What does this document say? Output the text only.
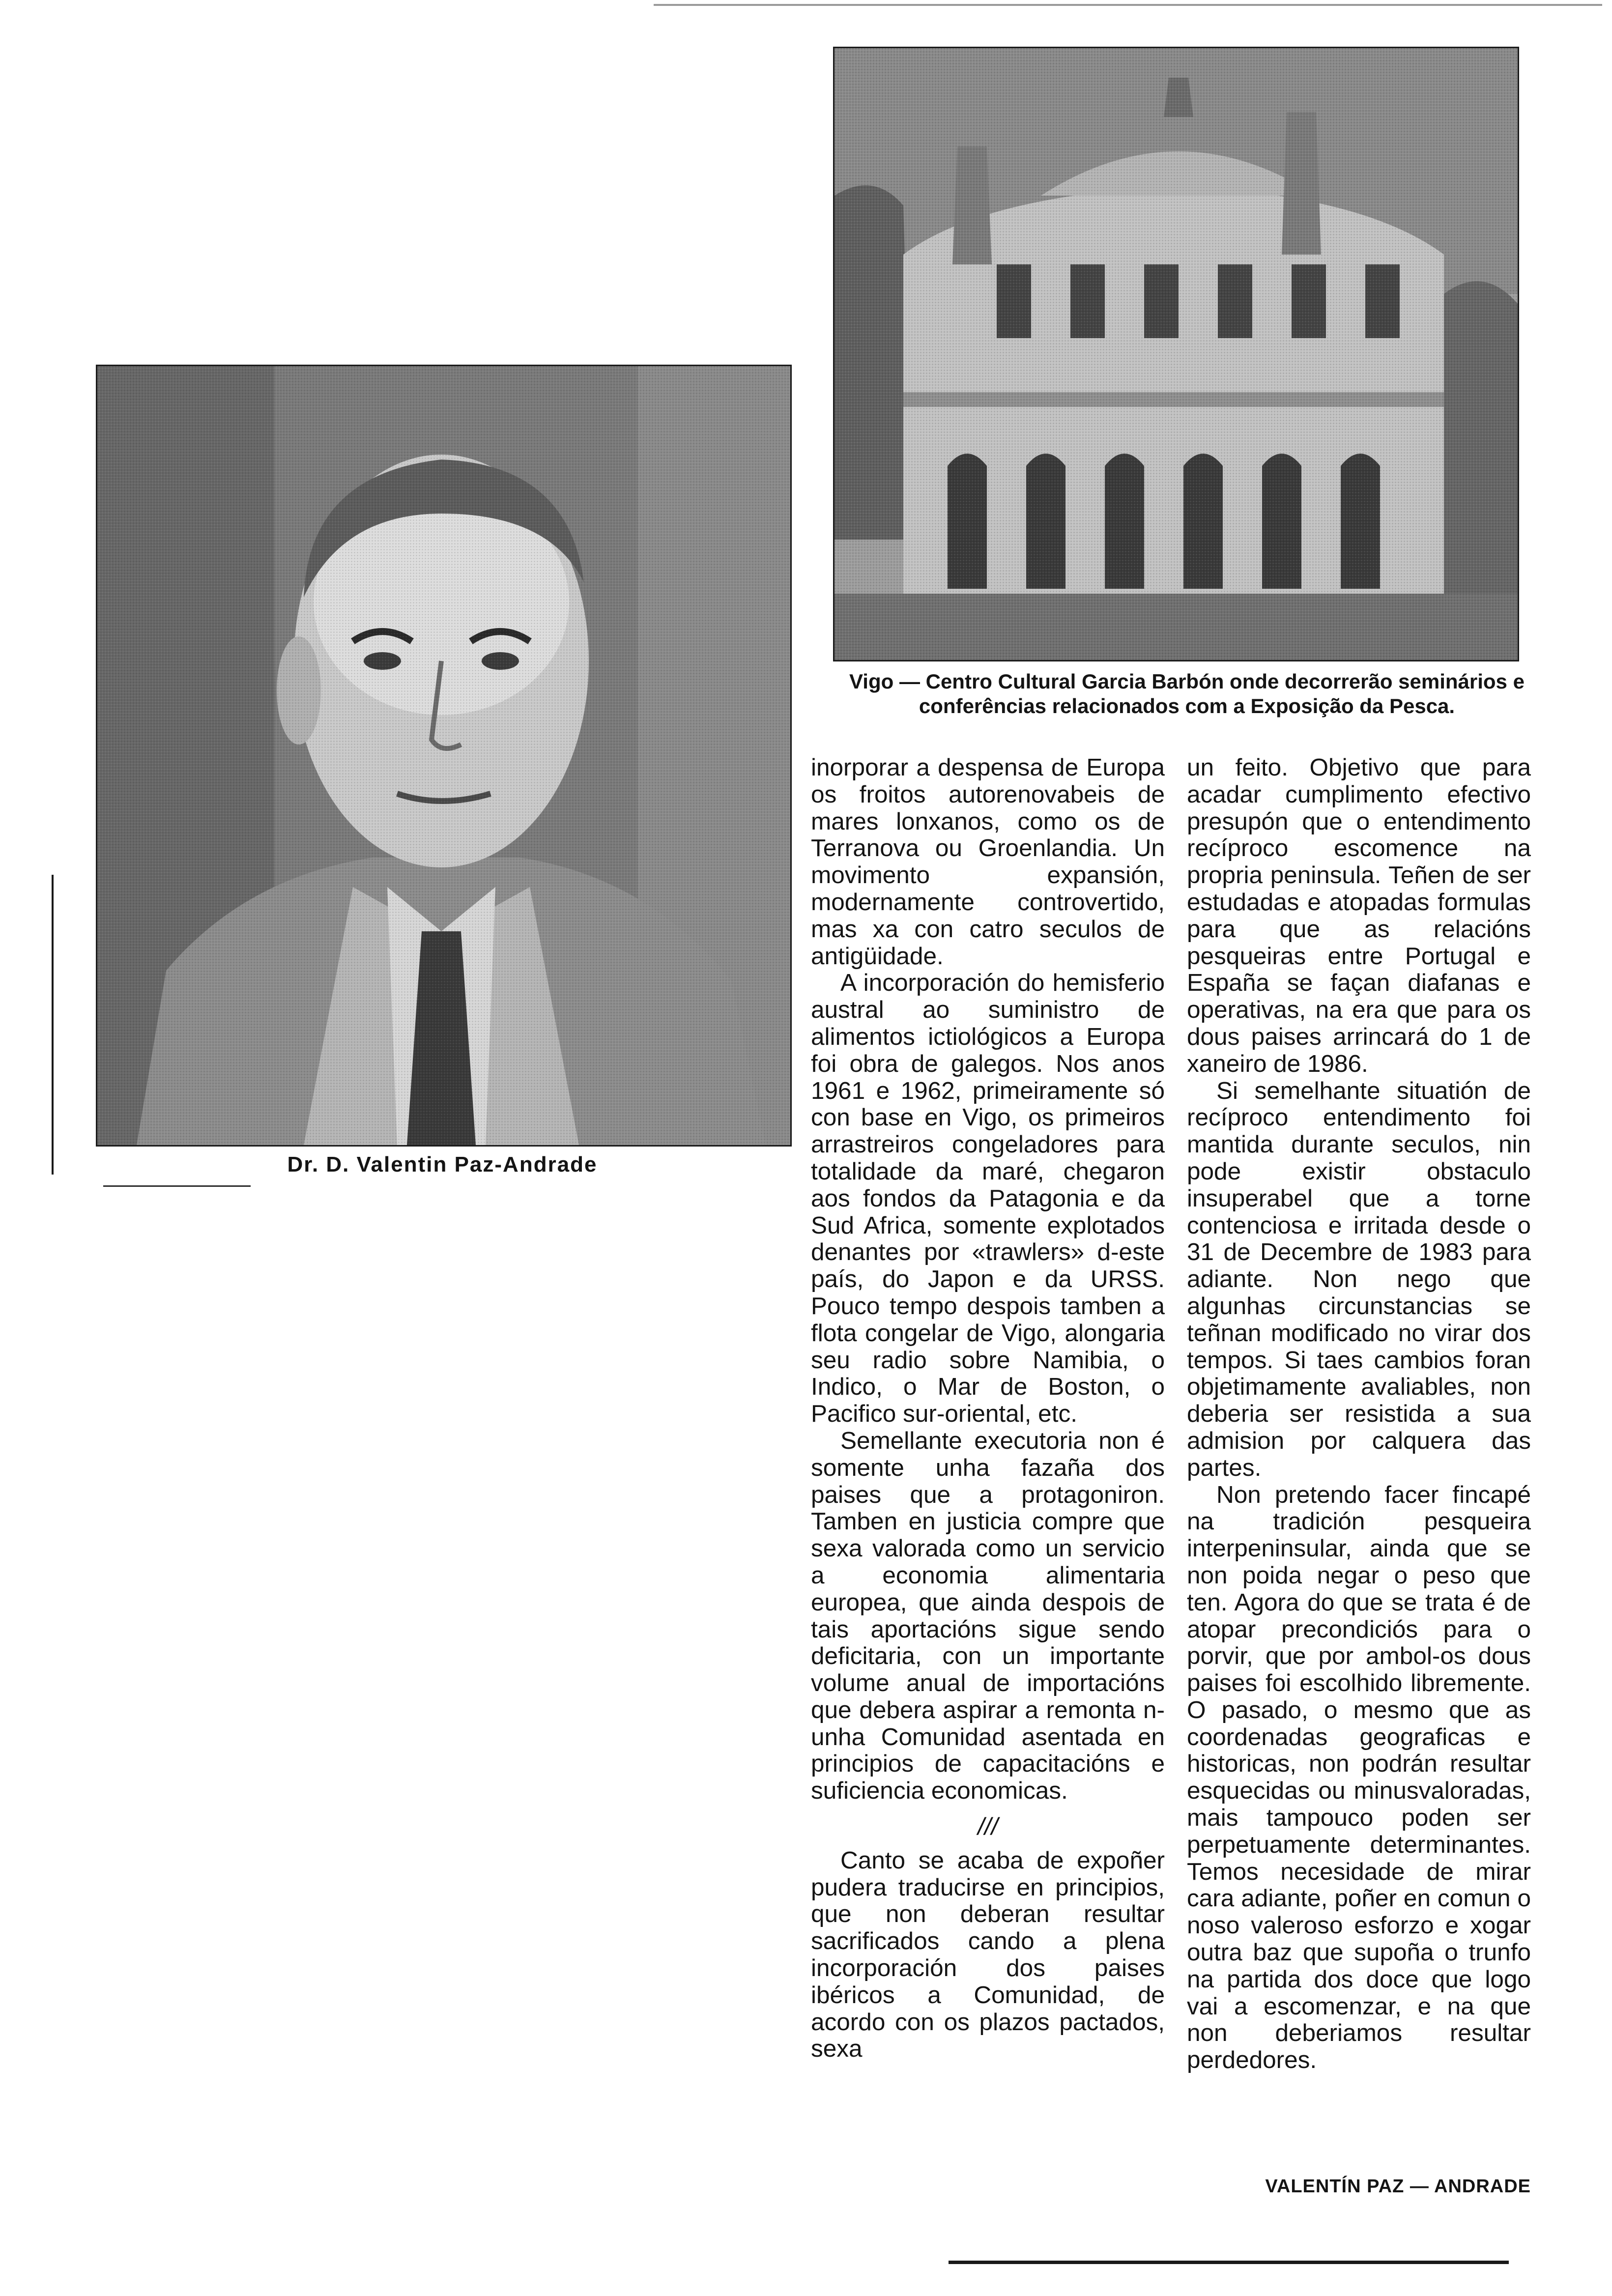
Dr. D. Valentin Paz-Andrade
Vigo — Centro Cultural Garcia Barbón onde decorrerão seminários e conferências relacionados com a Exposição da Pesca.

inorporar a despensa de Europa os froitos autorenovabeis de mares lonxanos, como os de Terranova ou Groenlandia. Un movimento expansión, modernamente controvertido, mas xa con catro seculos de antigüidade.

A incorporación do hemisferio austral ao suministro de alimentos ictiológicos a Europa foi obra de galegos. Nos anos 1961 e 1962, primeiramente só con base en Vigo, os primeiros arrastreiros congeladores para totalidade da maré, chegaron aos fondos da Patagonia e da Sud Africa, somente explotados denantes por «trawlers» d-este país, do Japon e da URSS. Pouco tempo despois tamben a flota congelar de Vigo, alongaria seu radio sobre Namibia, o Indico, o Mar de Boston, o Pacifico sur-oriental, etc.

Semellante executoria non é somente unha fazaña dos paises que a protagoniron. Tamben en justicia compre que sexa valorada como un servicio a economia alimentaria europea, que ainda despois de tais aportacións sigue sendo deficitaria, con un importante volume anual de importacións que debera aspirar a remonta n-unha Comunidad asentada en principios de capacitacións e suficiencia economicas.

///

Canto se acaba de expoñer pudera traducirse en principios, que non deberan resultar sacrificados cando a plena incorporación dos paises ibéricos a Comunidad, de acordo con os plazos pactados, sexa

un feito. Objetivo que para acadar cumplimento efectivo presupón que o entendimento recíproco escomence na propria peninsula. Teñen de ser estudadas e atopadas formulas para que as relacións pesqueiras entre Portugal e España se façan diafanas e operativas, na era que para os dous paises arrincará do 1 de xaneiro de 1986.

Si semelhante situatión de recíproco entendimento foi mantida durante seculos, nin pode existir obstaculo insuperabel que a torne contenciosa e irritada desde o 31 de Decembre de 1983 para adiante. Non nego que algunhas circunstancias se teñnan modificado no virar dos tempos. Si taes cambios foran objetimamente avaliables, non deberia ser resistida a sua admision por calquera das partes.

Non pretendo facer fincapé na tradición pesqueira interpeninsular, ainda que se non poida negar o peso que ten. Agora do que se trata é de atopar precondiciós para o porvir, que por ambol-os dous paises foi escolhido libremente. O pasado, o mesmo que as coordenadas geograficas e historicas, non podrán resultar esquecidas ou minusvaloradas, mais tampouco poden ser perpetuamente determinantes. Temos necesidade de mirar cara adiante, poñer en comun o noso valeroso esforzo e xogar outra baz que supoña o trunfo na partida dos doce que logo vai a escomenzar, e na que non deberiamos resultar perdedores.

VALENTÍN PAZ — ANDRADE
